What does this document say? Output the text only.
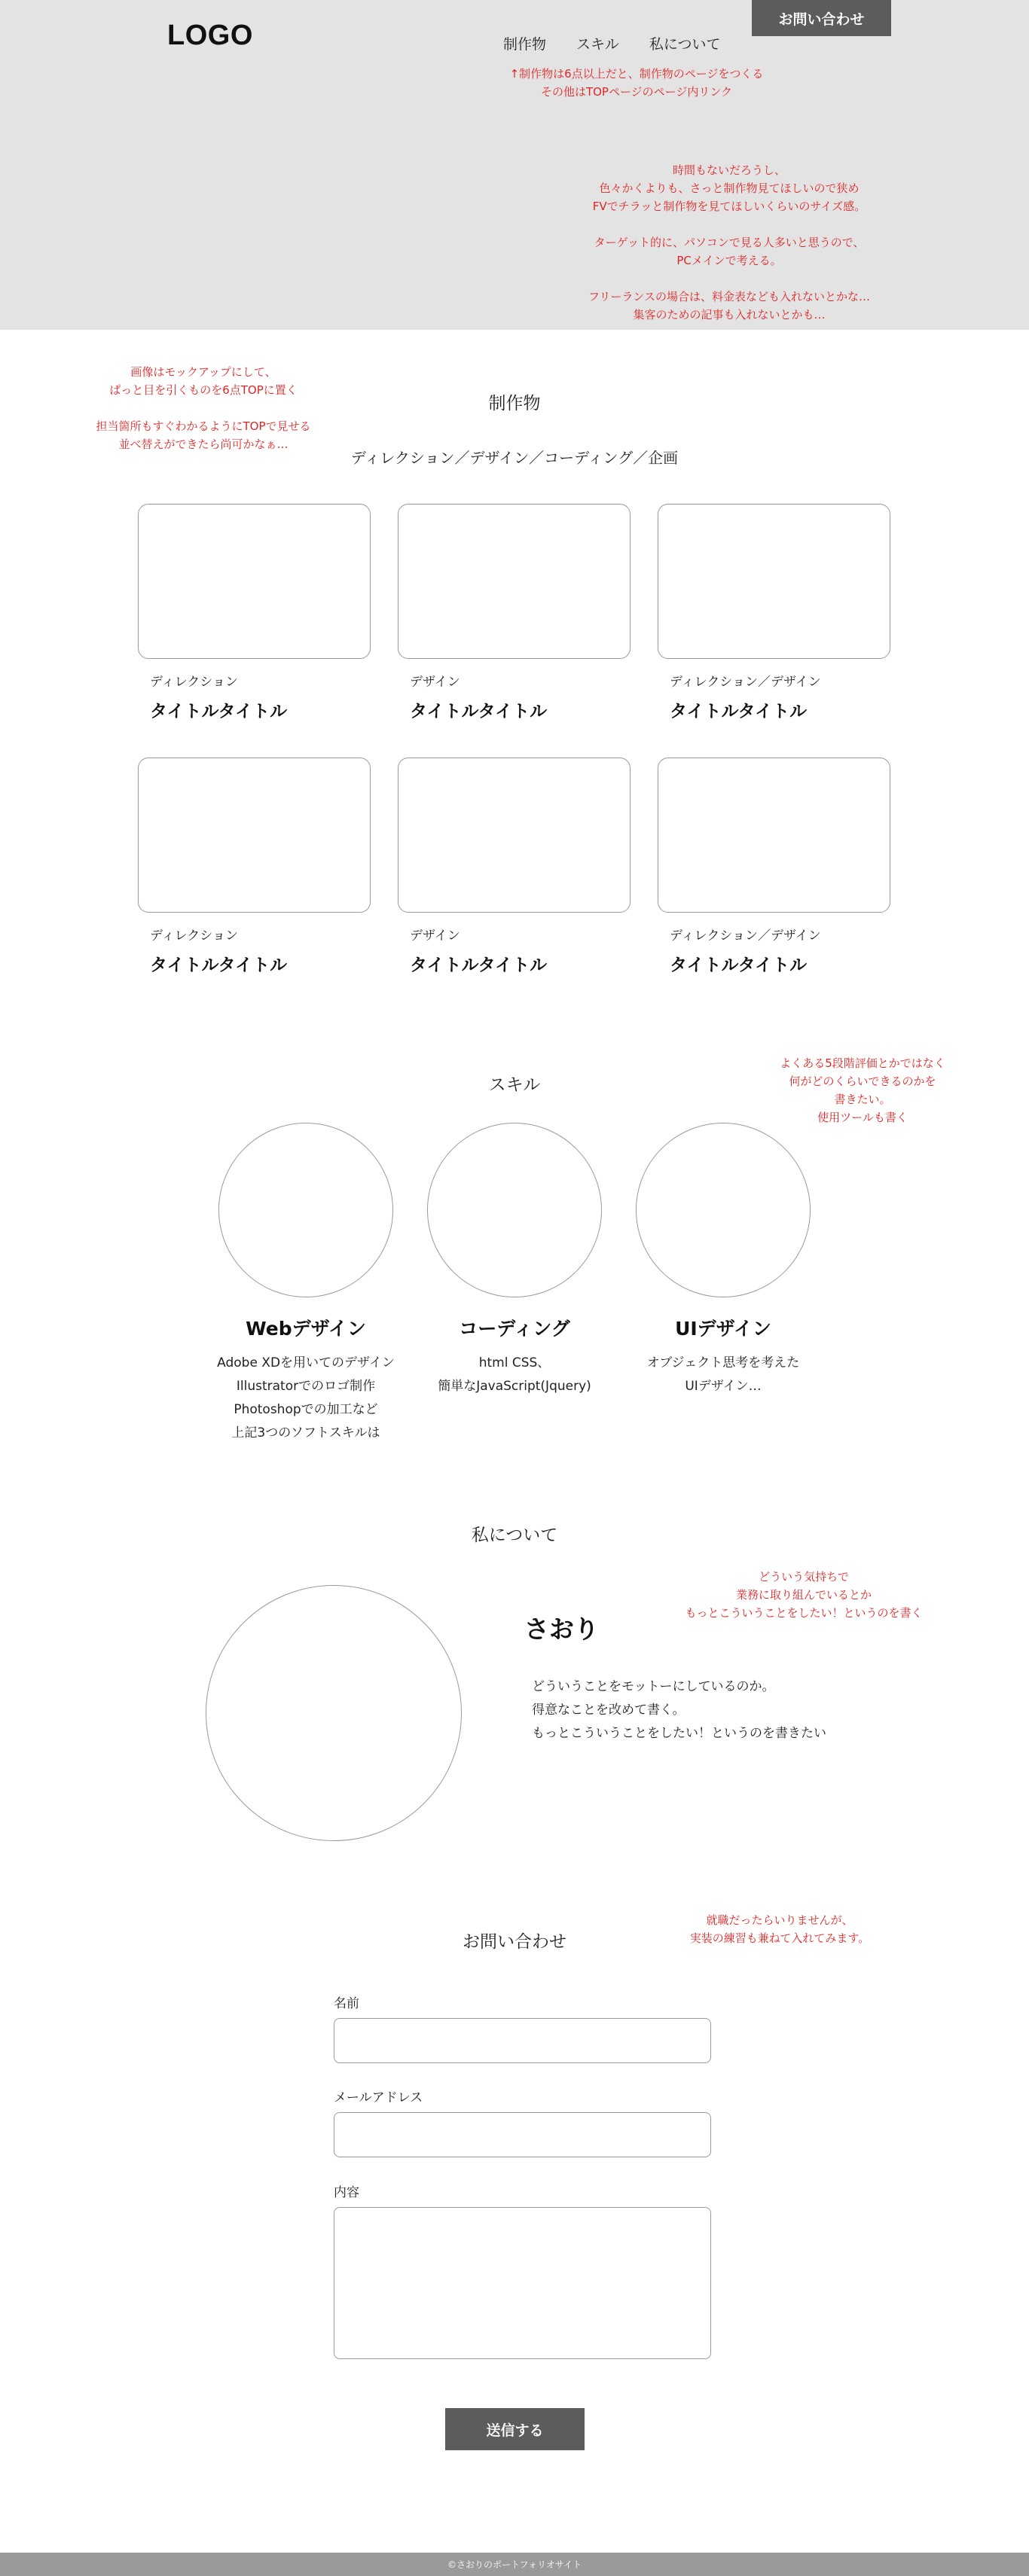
LOGO	制作物 スキル 私について
お問い合わせ
↑制作物は6点以上だと、制作物のページをつくる
その他はTOPページのページ内リンク
時間もないだろうし、
色々かくよりも、さっと制作物見てほしいので狭め
FVでチラッと制作物を見てほしいくらいのサイズ感。

ターゲット的に、パソコンで見る人多いと思うので、
PCメインで考える。

フリーランスの場合は、料金表なども入れないとかな…
集客のための記事も入れないとかも…
画像はモックアップにして、
ぱっと目を引くものを6点TOPに置く

担当箇所もすぐわかるようにTOPで見せる
並べ替えができたら尚可かなぁ…
制作物
ディレクション／デザイン／コーディング／企画
ディレクション
タイトルタイトル
デザイン
タイトルタイトル
ディレクション／デザイン
タイトルタイトル
ディレクション
タイトルタイトル
デザイン
タイトルタイトル
ディレクション／デザイン
タイトルタイトル
スキル
よくある5段階評価とかではなく
何がどのくらいできるのかを
書きたい。
使用ツールも書く
Webデザイン
Adobe XDを用いてのデザイン
Illustratorでのロゴ制作
Photoshopでの加工など
上記3つのソフトスキルは
コーディング
html CSS、
簡単なJavaScript(Jquery)
UIデザイン
オブジェクト思考を考えた
UIデザイン…
私について
どういう気持ちで
業務に取り組んでいるとか
もっとこういうことをしたい！というのを書く
さおり
どういうことをモットーにしているのか。
得意なことを改めて書く。
もっとこういうことをしたい！というのを書きたい
お問い合わせ
就職だったらいりませんが、
実装の練習も兼ねて入れてみます。
名前
メールアドレス
内容
送信する
©さおりのポートフォリオサイト
